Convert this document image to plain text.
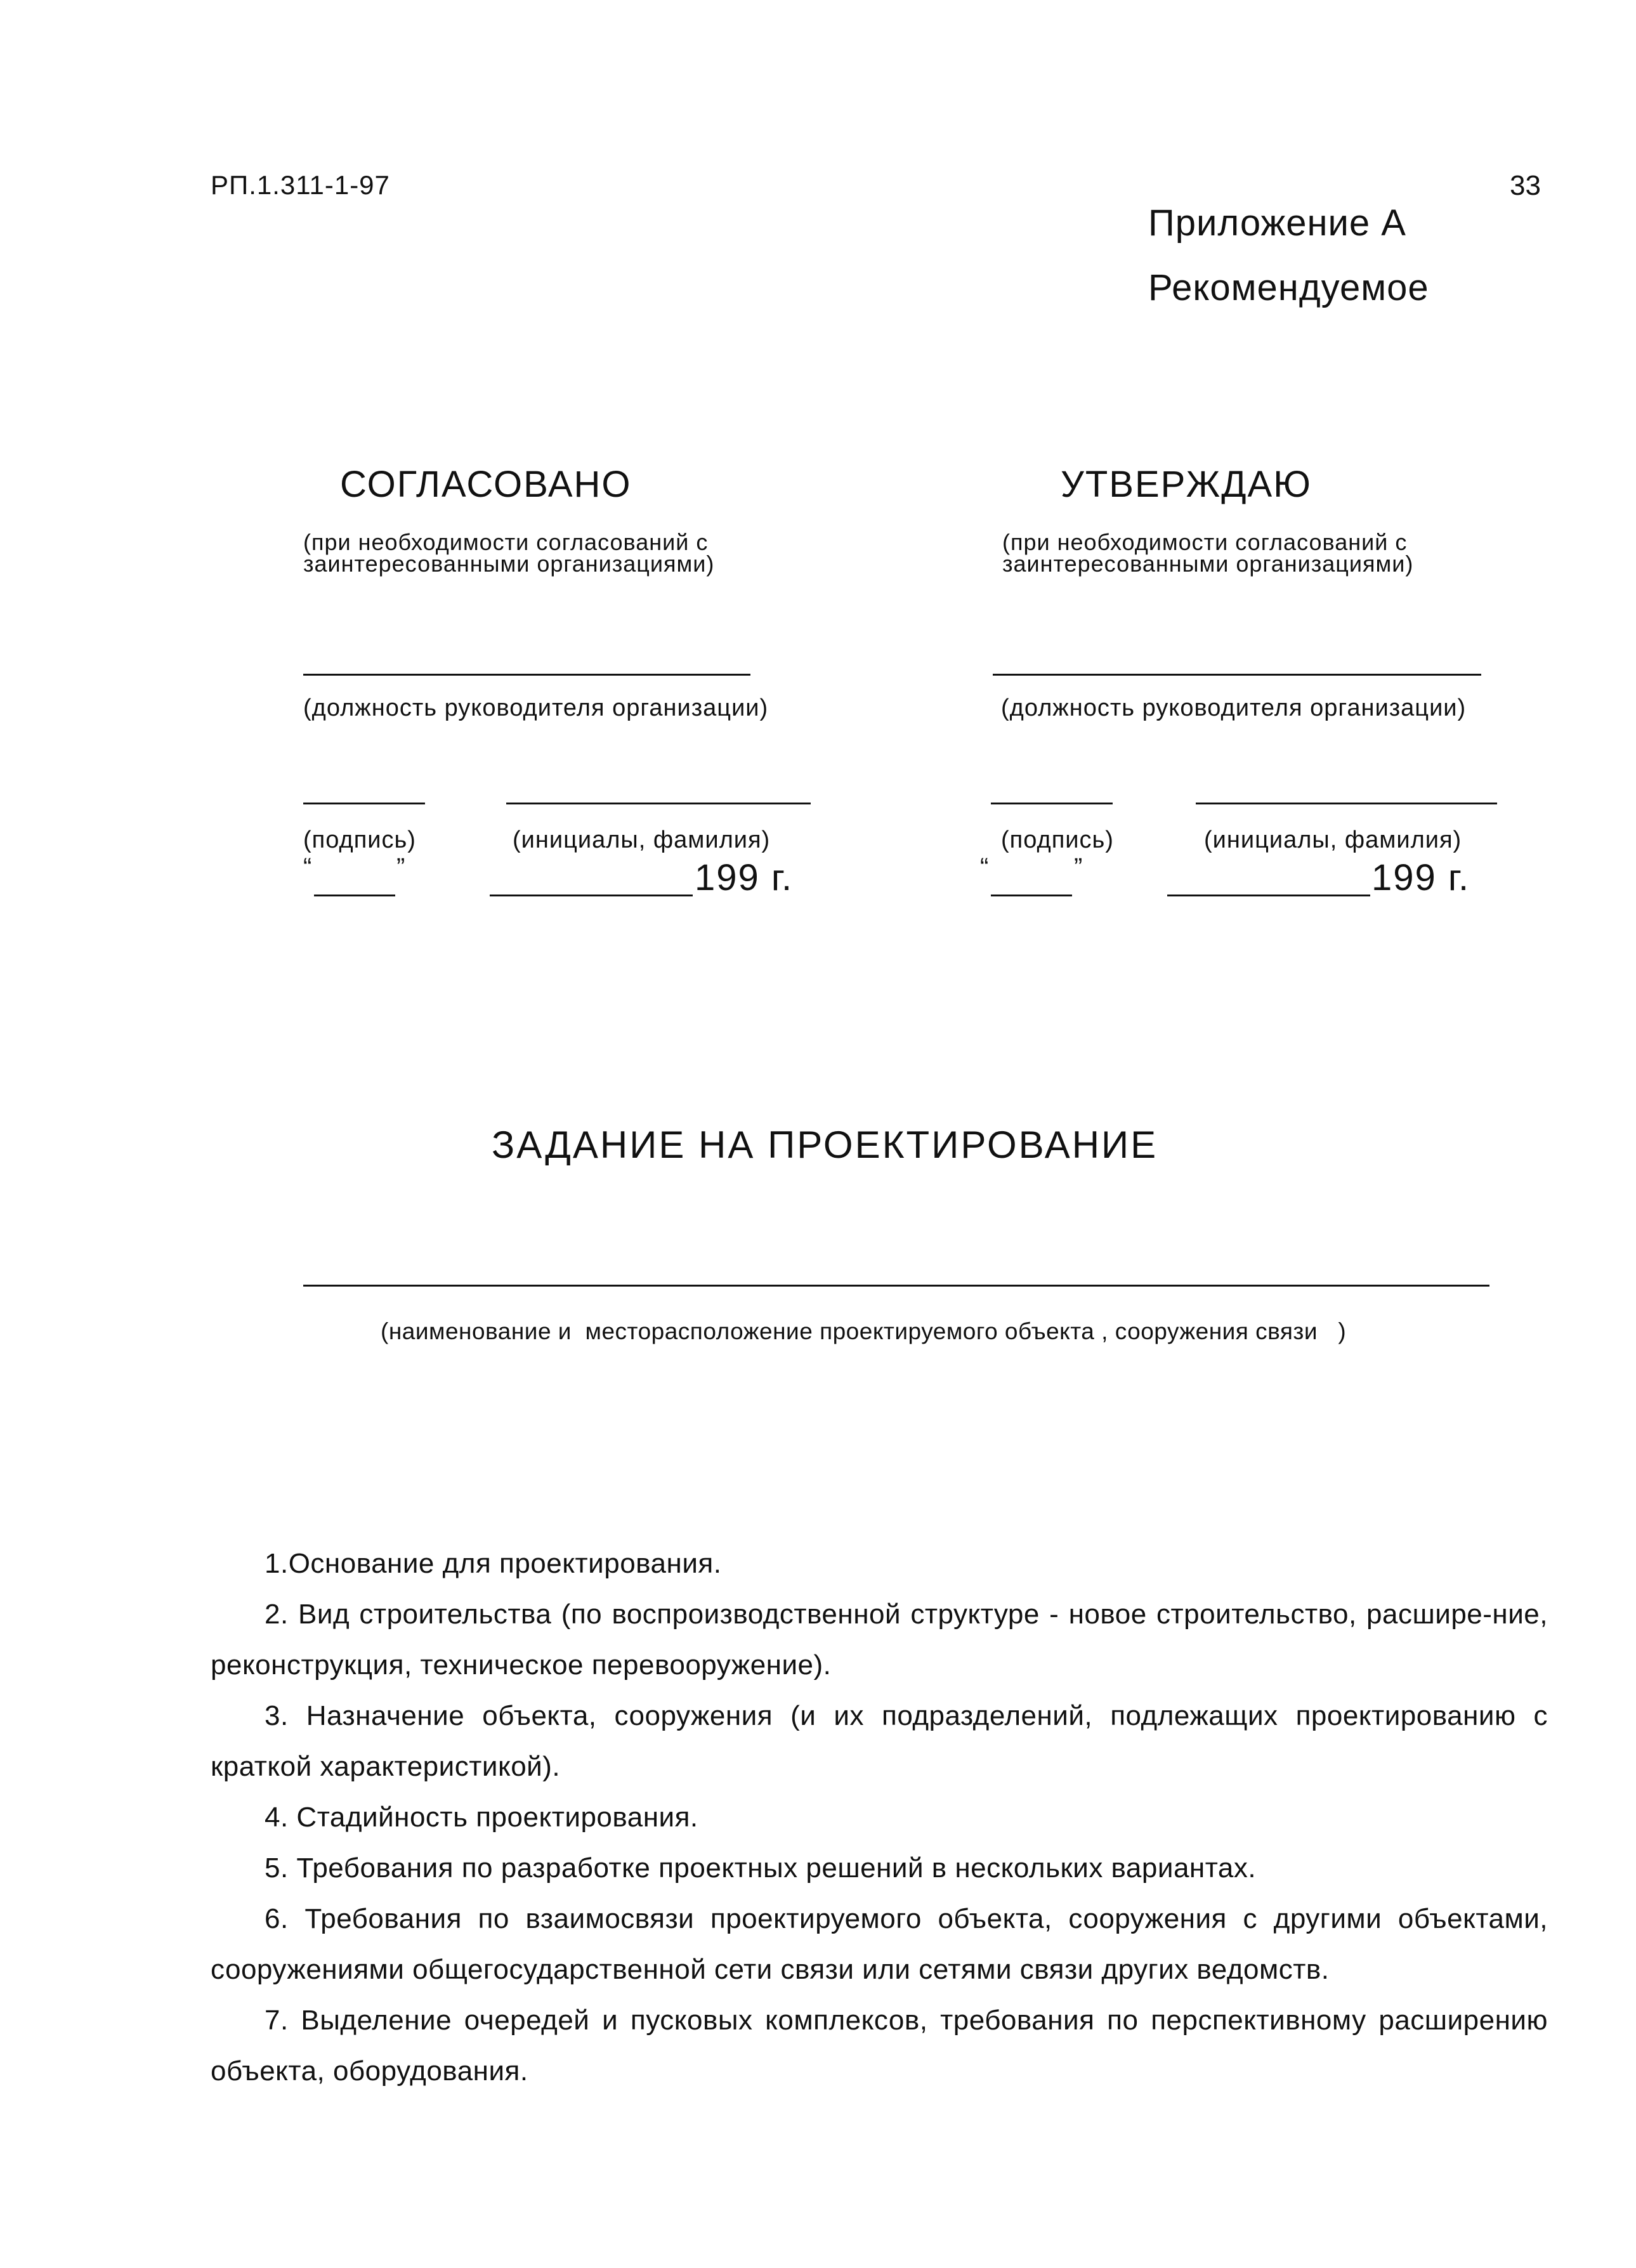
РП.1.311-1-97	33
Приложение А
Рекомендуемое
СОГЛАСОВАНО
(при необходимости согласований с
заинтересованными организациями)
(должность руководителя организации)
(подпись)	(инициалы, фамилия)
“	”	199 г.
УТВЕРЖДАЮ
(при необходимости согласований с
заинтересованными организациями)
(должность руководителя организации)
(подпись)	(инициалы, фамилия)
“	”	199 г.
ЗАДАНИЕ НА ПРОЕКТИРОВАНИЕ
(наименование и  месторасположение проектируемого объекта , сооружения связи   )

1.Основание для проектирования.

2. Вид строительства (по воспроизводственной структуре - новое строительство, расшире-ние, реконструкция, техническое перевооружение).

3. Назначение объекта, сооружения (и их подразделений, подлежащих проектированию с краткой характеристикой).

4. Стадийность проектирования.

5. Требования по разработке проектных решений в нескольких вариантах.

6. Требования по взаимосвязи проектируемого объекта, сооружения с другими объектами, сооружениями общегосударственной сети связи или сетями связи других ведомств.

7. Выделение очередей и пусковых комплексов, требования по перспективному расширению объекта, оборудования.
